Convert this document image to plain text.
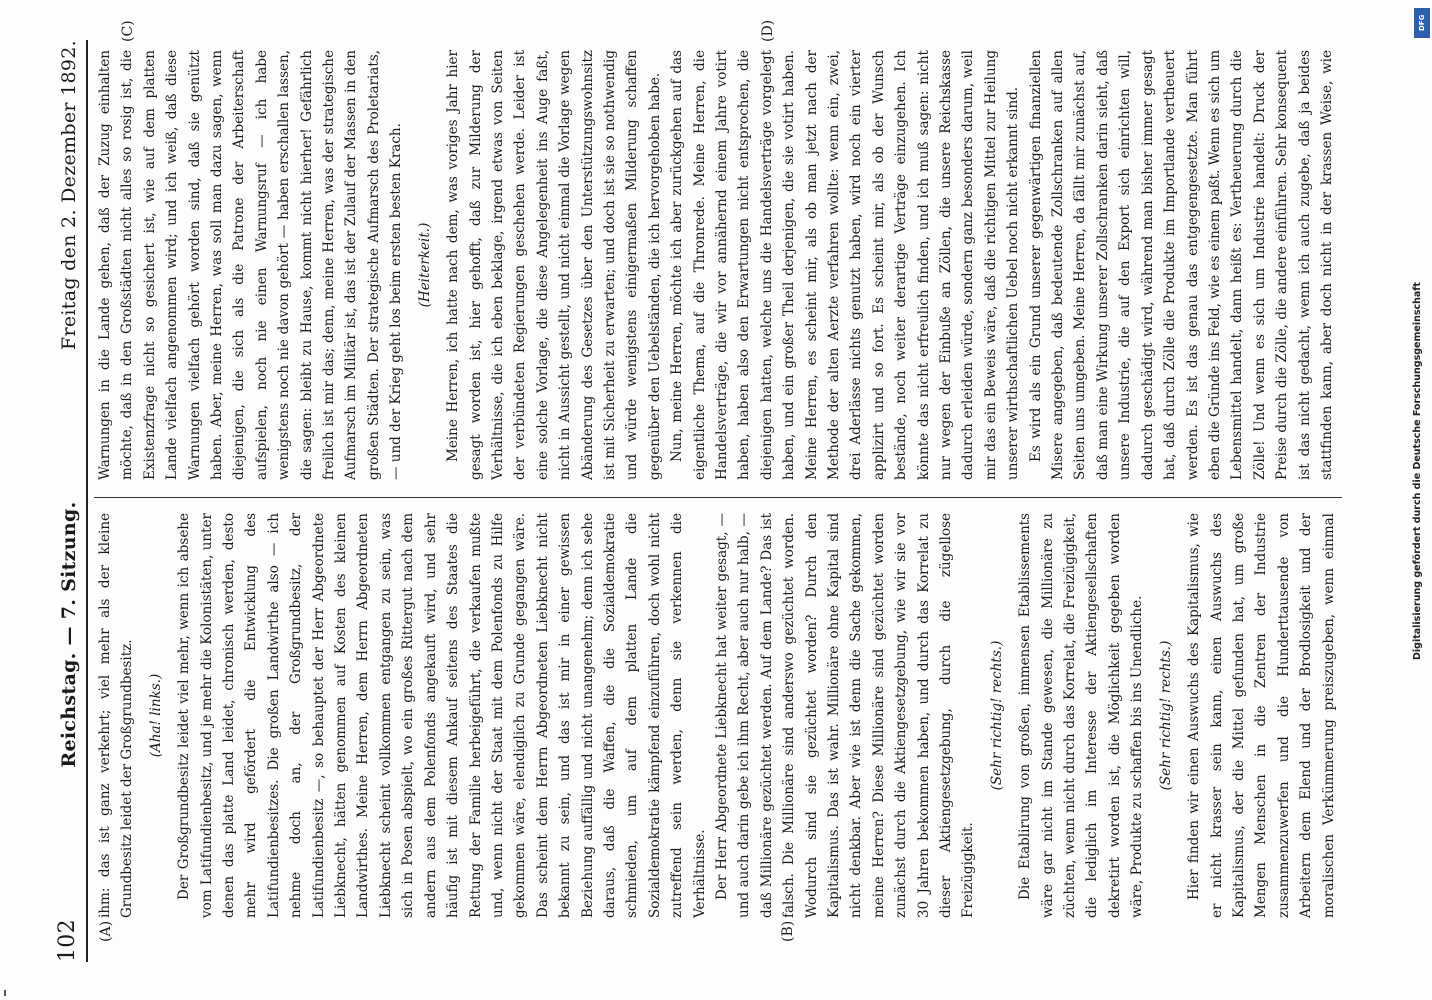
102
Reichstag. — 7. Sitzung.
Freitag den 2. Dezember 1892.
(A)	(B)
(C)	(D)

ihm: das ist ganz verkehrt; viel mehr als der kleine Grundbesitz leidet der Großgrundbesitz. (Aha! links.) Der Großgrundbesitz leidet viel mehr, wenn ich absehe vom Latifundienbesitz, und je mehr die Kolonistäten, unter denen das platte Land leidet, chronisch werden, desto mehr wird gefördert die Entwicklung des Latifundienbesitzes. Die großen Landwirthe also — ich nehme doch an, der Großgrundbesitz, der Latifundienbesitz —, so behauptet der Herr Abgeordnete Liebknecht, hätten genommen auf Kosten des kleinen Landwirthes. Meine Herren, dem Herrn Abgeordneten Liebknecht scheint vollkommen entgangen zu sein, was sich in Posen abspielt, wo ein großes Rittergut nach dem andern aus dem Polenfonds angekauft wird, und sehr häufig ist mit diesem Ankauf seitens des Staates die Rettung der Familie herbeigeführt, die verkaufen mußte und, wenn nicht der Staat mit dem Polenfonds zu Hilfe gekommen wäre, elendiglich zu Grunde gegangen wäre. Das scheint dem Herrn Abgeordneten Liebknecht nicht bekannt zu sein, und das ist mir in einer gewissen Beziehung auffällig und nicht unangenehm; denn ich sehe daraus, daß die Waffen, die die Sozialdemokratie schmieden, um auf dem platten Lande die Sozialdemokratie kämpfend einzuführen, doch wohl nicht zutreffend sein werden, denn sie verkennen die Verhältnisse. Der Herr Abgeordnete Liebknecht hat weiter gesagt, — und auch darin gebe ich ihm Recht, aber auch nur halb, — daß Millionäre gezüchtet werden. Auf dem Lande? Das ist falsch. Die Millionäre sind anderswo gezüchtet worden. Wodurch sind sie gezüchtet worden? Durch den Kapitalismus. Das ist wahr. Millionäre ohne Kapital sind nicht denkbar. Aber wie ist denn die Sache gekommen, meine Herren? Diese Millionäre sind gezüchtet worden zunächst durch die Aktiengesetzgebung, wie wir sie vor 30 Jahren bekommen haben, und durch das Korrelat zu dieser Aktiengesetzgebung, durch die zügellose Freizügigkeit.

(Sehr richtig! rechts.) Die Etablirung von großen, immensen Etablissements wäre gar nicht im Stande gewesen, die Millionäre zu züchten, wenn nicht durch das Korrelat, die Freizügigkeit, die lediglich im Interesse der Aktiengesellschaften dekretirt worden ist, die Möglichkeit gegeben worden wäre, Produkte zu schaffen bis ins Unendliche. (Sehr richtig! rechts.)

Hier finden wir einen Auswuchs des Kapitalismus, wie er nicht krasser sein kann, einen Auswuchs des Kapitalismus, der die Mittel gefunden hat, um große Mengen Menschen in die Zentren der Industrie zusammenzuwerfen und die Hunderttausende von Arbeitern dem Elend und der Brodlosigkeit und der moralischen Verkümmerung preiszugeben, wenn einmal

Warnungen in die Lande gehen, daß der Zuzug einhalten möchte, daß in den Großstädten nicht alles so rosig ist, die Existenzfrage nicht so gesichert ist, wie auf dem platten Lande vielfach angenommen wird; und ich weiß, daß diese Warnungen vielfach gehört worden sind, daß sie genützt haben. Aber, meine Herren, was soll man dazu sagen, wenn diejenigen, die sich als die Patrone der Arbeiterschaft aufspielen, noch nie einen Warnungsruf — ich habe wenigstens noch nie davon gehört — haben erschallen lassen, die sagen: bleibt zu Hause, kommt nicht hierher! Gefährlich freilich ist mir das; denn, meine Herren, was der strategische Aufmarsch im Militär ist, das ist der Zulauf der Massen in den großen Städten. Der strategische Aufmarsch des Proletariats, — und der Krieg geht los beim ersten besten Krach. (Heiterkeit.) Meine Herren, ich hatte nach dem, was voriges Jahr hier gesagt worden ist, hier gehofft, daß zur Milderung der Verhältnisse, die ich eben beklage, irgend etwas von Seiten der verbündeten Regierungen geschehen werde. Leider ist eine solche Vorlage, die diese Angelegenheit ins Auge faßt, nicht in Aussicht gestellt, und nicht einmal die Vorlage wegen Abänderung des Gesetzes über den Unterstützungswohnsitz ist mit Sicherheit zu erwarten; und doch ist sie so nothwendig und würde wenigstens einigermaßen Milderung schaffen gegenüber den Uebelständen, die ich hervorgehoben habe. Nun, meine Herren, möchte ich aber zurückgehen auf das eigentliche Thema, auf die Thronrede. Meine Herren, die Handelsverträge, die wir vor annähernd einem Jahre votirt haben, haben also den Erwartungen nicht entsprochen, die diejenigen hatten, welche uns die Handelsverträge vorgelegt haben, und ein großer Theil derjenigen, die sie votirt haben. Meine Herren, es scheint mir, als ob man jetzt nach der Methode der alten Aerzte verfahren wollte: wenn ein, zwei, drei Aderlässe nichts genutzt haben, wird noch ein vierter applizirt und so fort. Es scheint mir, als ob der Wunsch bestände, noch weiter derartige Verträge einzugehen. Ich könnte das nicht erfreulich finden, und ich muß sagen: nicht nur wegen der Einbuße an Zöllen, die unsere Reichskasse dadurch erleiden würde, sondern ganz besonders darum, weil mir das ein Beweis wäre, daß die richtigen Mittel zur Heilung unserer wirthschaftlichen Uebel noch nicht erkannt sind. Es wird als ein Grund unserer gegenwärtigen finanziellen Misere angegeben, daß bedeutende Zollschranken auf allen Seiten uns umgeben. Meine Herren, da fällt mir zunächst auf, daß man eine Wirkung unserer Zollschranken darin sieht, daß unsere Industrie, die auf den Export sich einrichten will, dadurch geschädigt wird, während man bisher immer gesagt hat, daß durch Zölle die Produkte im Importlande vertheuert werden. Es ist das genau das entgegengesetzte. Man führt eben die Gründe ins Feld, wie es einem paßt. Wenn es sich um Lebensmittel handelt, dann heißt es: Vertheuerung durch die Zölle! Und wenn es sich um Industrie handelt: Druck der Preise durch die Zölle, die andere einführen. Sehr konsequent ist das nicht gedacht, wenn ich auch zugebe, daß ja beides stattfinden kann, aber doch nicht in der krassen Weise, wie

DFG
Digitalisierung gefördert durch die Deutsche Forschungsgemeinschaft
